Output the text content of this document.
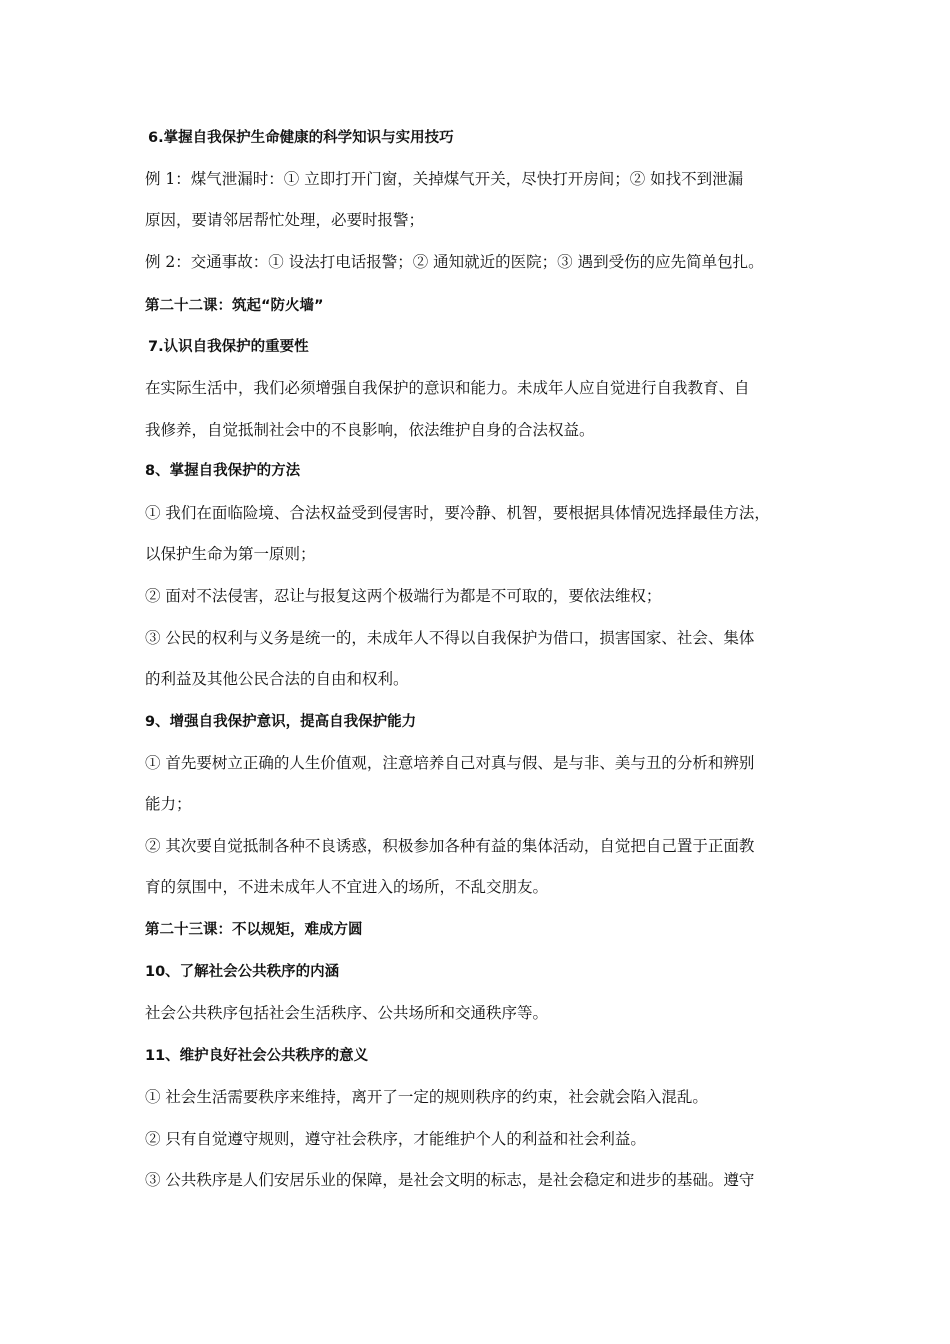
6.掌握自我保护生命健康的科学知识与实用技巧
例 1：煤气泄漏时：① 立即打开门窗，关掉煤气开关，尽快打开房间；② 如找不到泄漏
原因，要请邻居帮忙处理，必要时报警；
例 2：交通事故：① 设法打电话报警；② 通知就近的医院；③ 遇到受伤的应先简单包扎。
第二十二课：筑起“防火墙”
7.认识自我保护的重要性
在实际生活中，我们必须增强自我保护的意识和能力。未成年人应自觉进行自我教育、自
我修养，自觉抵制社会中的不良影响，依法维护自身的合法权益。
8、掌握自我保护的方法
① 我们在面临险境、合法权益受到侵害时，要冷静、机智，要根据具体情况选择最佳方法，
以保护生命为第一原则；
② 面对不法侵害，忍让与报复这两个极端行为都是不可取的，要依法维权；
③ 公民的权利与义务是统一的，未成年人不得以自我保护为借口，损害国家、社会、集体
的利益及其他公民合法的自由和权利。
9、增强自我保护意识，提高自我保护能力
① 首先要树立正确的人生价值观，注意培养自己对真与假、是与非、美与丑的分析和辨别
能力；
② 其次要自觉抵制各种不良诱惑，积极参加各种有益的集体活动，自觉把自己置于正面教
育的氛围中，不进未成年人不宜进入的场所，不乱交朋友。
第二十三课：不以规矩，难成方圆
10、了解社会公共秩序的内涵
社会公共秩序包括社会生活秩序、公共场所和交通秩序等。
11、维护良好社会公共秩序的意义
① 社会生活需要秩序来维持，离开了一定的规则秩序的约束，社会就会陷入混乱。
② 只有自觉遵守规则，遵守社会秩序，才能维护个人的利益和社会利益。
③ 公共秩序是人们安居乐业的保障，是社会文明的标志，是社会稳定和进步的基础。遵守
